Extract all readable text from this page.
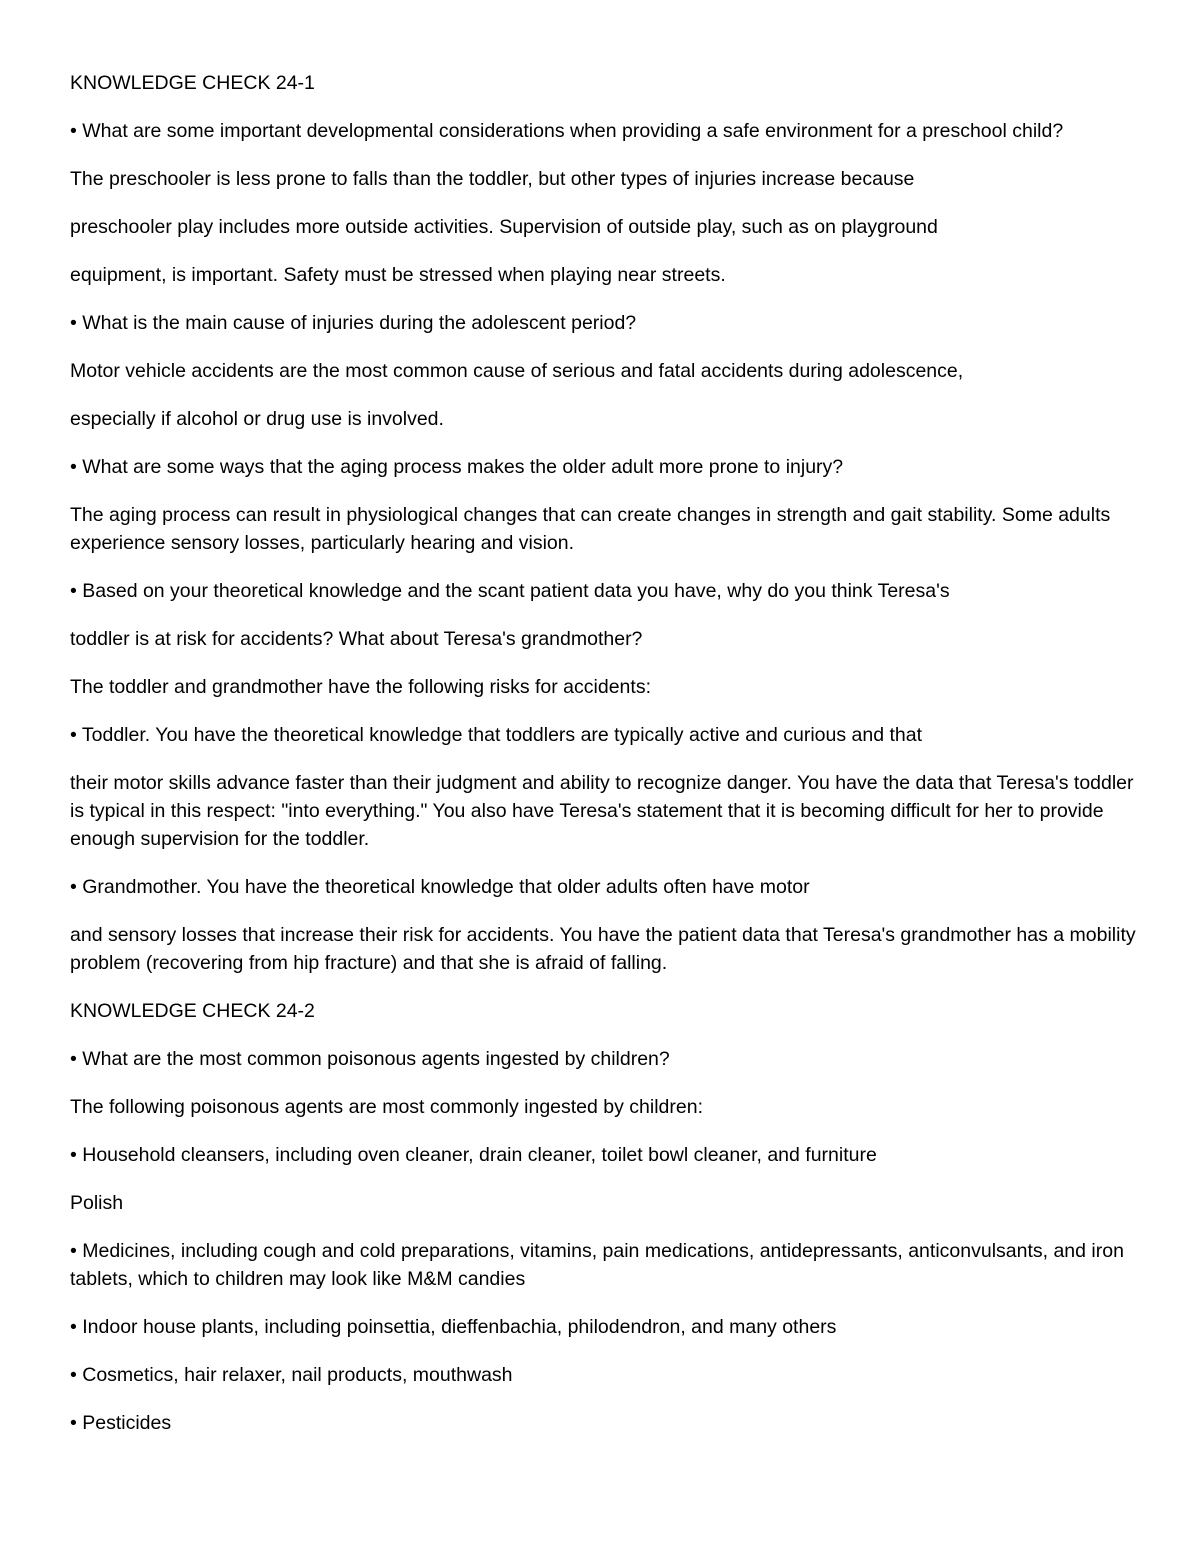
KNOWLEDGE CHECK 24-1

• What are some important developmental considerations when providing a safe environment for a preschool child?

The preschooler is less prone to falls than the toddler, but other types of injuries increase because

preschooler play includes more outside activities. Supervision of outside play, such as on playground

equipment, is important. Safety must be stressed when playing near streets.

• What is the main cause of injuries during the adolescent period?

Motor vehicle accidents are the most common cause of serious and fatal accidents during adolescence,

especially if alcohol or drug use is involved.

• What are some ways that the aging process makes the older adult more prone to injury?

The aging process can result in physiological changes that can create changes in strength and gait stability. Some adults experience sensory losses, particularly hearing and vision.

• Based on your theoretical knowledge and the scant patient data you have, why do you think Teresa's

toddler is at risk for accidents? What about Teresa's grandmother?

The toddler and grandmother have the following risks for accidents:

• Toddler. You have the theoretical knowledge that toddlers are typically active and curious and that

their motor skills advance faster than their judgment and ability to recognize danger. You have the data that Teresa's toddler is typical in this respect: "into everything." You also have Teresa's statement that it is becoming difficult for her to provide enough supervision for the toddler.

• Grandmother. You have the theoretical knowledge that older adults often have motor

and sensory losses that increase their risk for accidents. You have the patient data that Teresa's grandmother has a mobility problem (recovering from hip fracture) and that she is afraid of falling.

KNOWLEDGE CHECK 24-2

• What are the most common poisonous agents ingested by children?

The following poisonous agents are most commonly ingested by children:

• Household cleansers, including oven cleaner, drain cleaner, toilet bowl cleaner, and furniture

Polish

• Medicines, including cough and cold preparations, vitamins, pain medications, antidepressants, anticonvulsants, and iron tablets, which to children may look like M&M candies

• Indoor house plants, including poinsettia, dieffenbachia, philodendron, and many others

• Cosmetics, hair relaxer, nail products, mouthwash

• Pesticides
